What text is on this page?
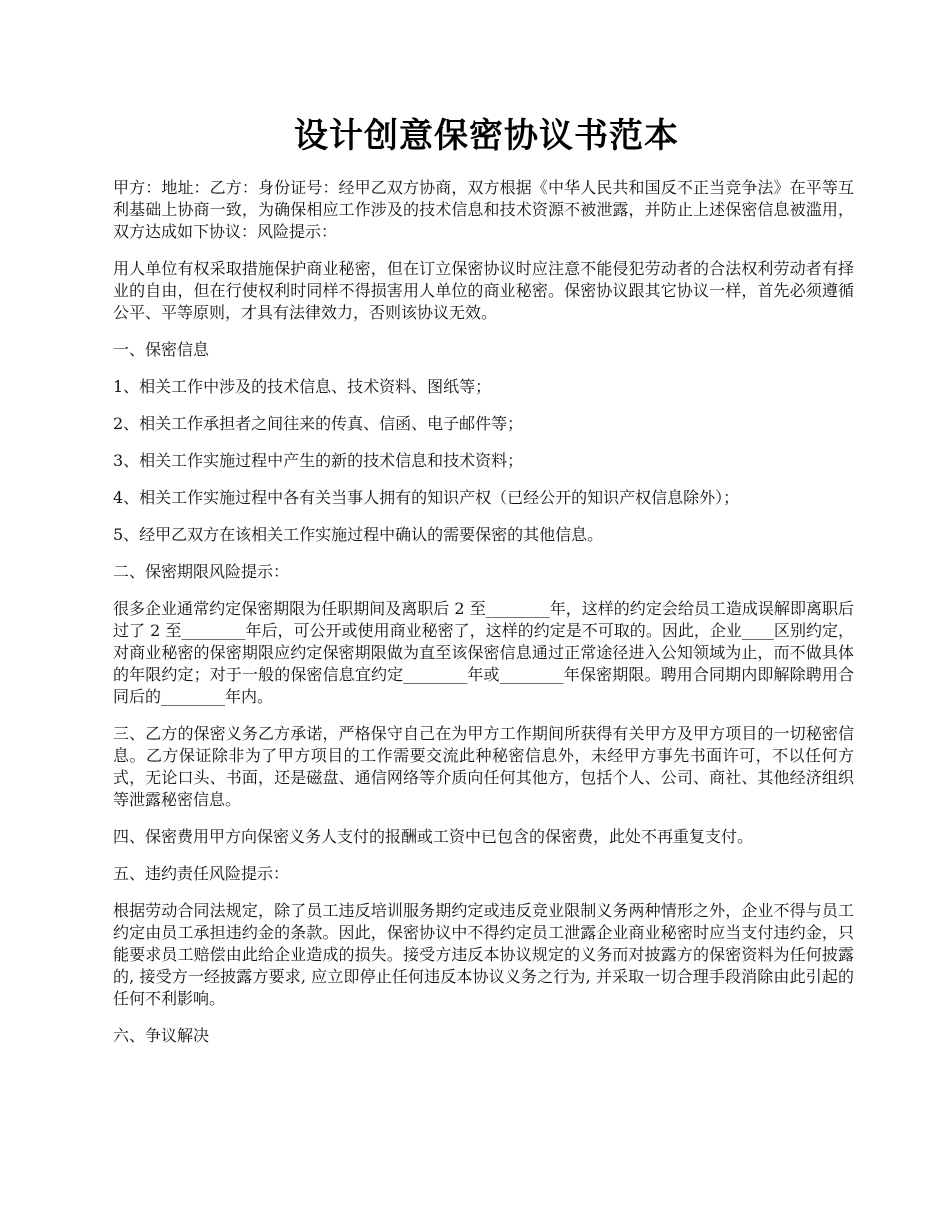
设计创意保密协议书范本

甲方：地址：乙方：身份证号：经甲乙双方协商，双方根据《中华人民共和国反不正当竞争法》在平等互利基础上协商一致，为确保相应工作涉及的技术信息和技术资源不被泄露，并防止上述保密信息被滥用，双方达成如下协议：风险提示：

用人单位有权采取措施保护商业秘密，但在订立保密协议时应注意不能侵犯劳动者的合法权利劳动者有择业的自由，但在行使权利时同样不得损害用人单位的商业秘密。保密协议跟其它协议一样，首先必须遵循公平、平等原则，才具有法律效力，否则该协议无效。

一、保密信息

1、相关工作中涉及的技术信息、技术资料、图纸等；

2、相关工作承担者之间往来的传真、信函、电子邮件等；

3、相关工作实施过程中产生的新的技术信息和技术资料；

4、相关工作实施过程中各有关当事人拥有的知识产权（已经公开的知识产权信息除外）；

5、经甲乙双方在该相关工作实施过程中确认的需要保密的其他信息。

二、保密期限风险提示：

很多企业通常约定保密期限为任职期间及离职后 2 至________年，这样的约定会给员工造成误解即离职后过了 2 至________年后，可公开或使用商业秘密了，这样的约定是不可取的。因此，企业____区别约定，对商业秘密的保密期限应约定保密期限做为直至该保密信息通过正常途径进入公知领域为止，而不做具体的年限约定；对于一般的保密信息宜约定________年或________年保密期限。聘用合同期内即解除聘用合同后的________年内。

三、乙方的保密义务乙方承诺，严格保守自己在为甲方工作期间所获得有关甲方及甲方项目的一切秘密信息。乙方保证除非为了甲方项目的工作需要交流此种秘密信息外，未经甲方事先书面许可，不以任何方式，无论口头、书面，还是磁盘、通信网络等介质向任何其他方，包括个人、公司、商社、其他经济组织等泄露秘密信息。

四、保密费用甲方向保密义务人支付的报酬或工资中已包含的保密费，此处不再重复支付。

五、违约责任风险提示：

根据劳动合同法规定，除了员工违反培训服务期约定或违反竞业限制义务两种情形之外，企业不得与员工约定由员工承担违约金的条款。因此，保密协议中不得约定员工泄露企业商业秘密时应当支付违约金，只能要求员工赔偿由此给企业造成的损失。接受方违反本协议规定的义务而对披露方的保密资料为任何披露的, 接受方一经披露方要求, 应立即停止任何违反本协议义务之行为, 并采取一切合理手段消除由此引起的任何不利影响。

六、争议解决
